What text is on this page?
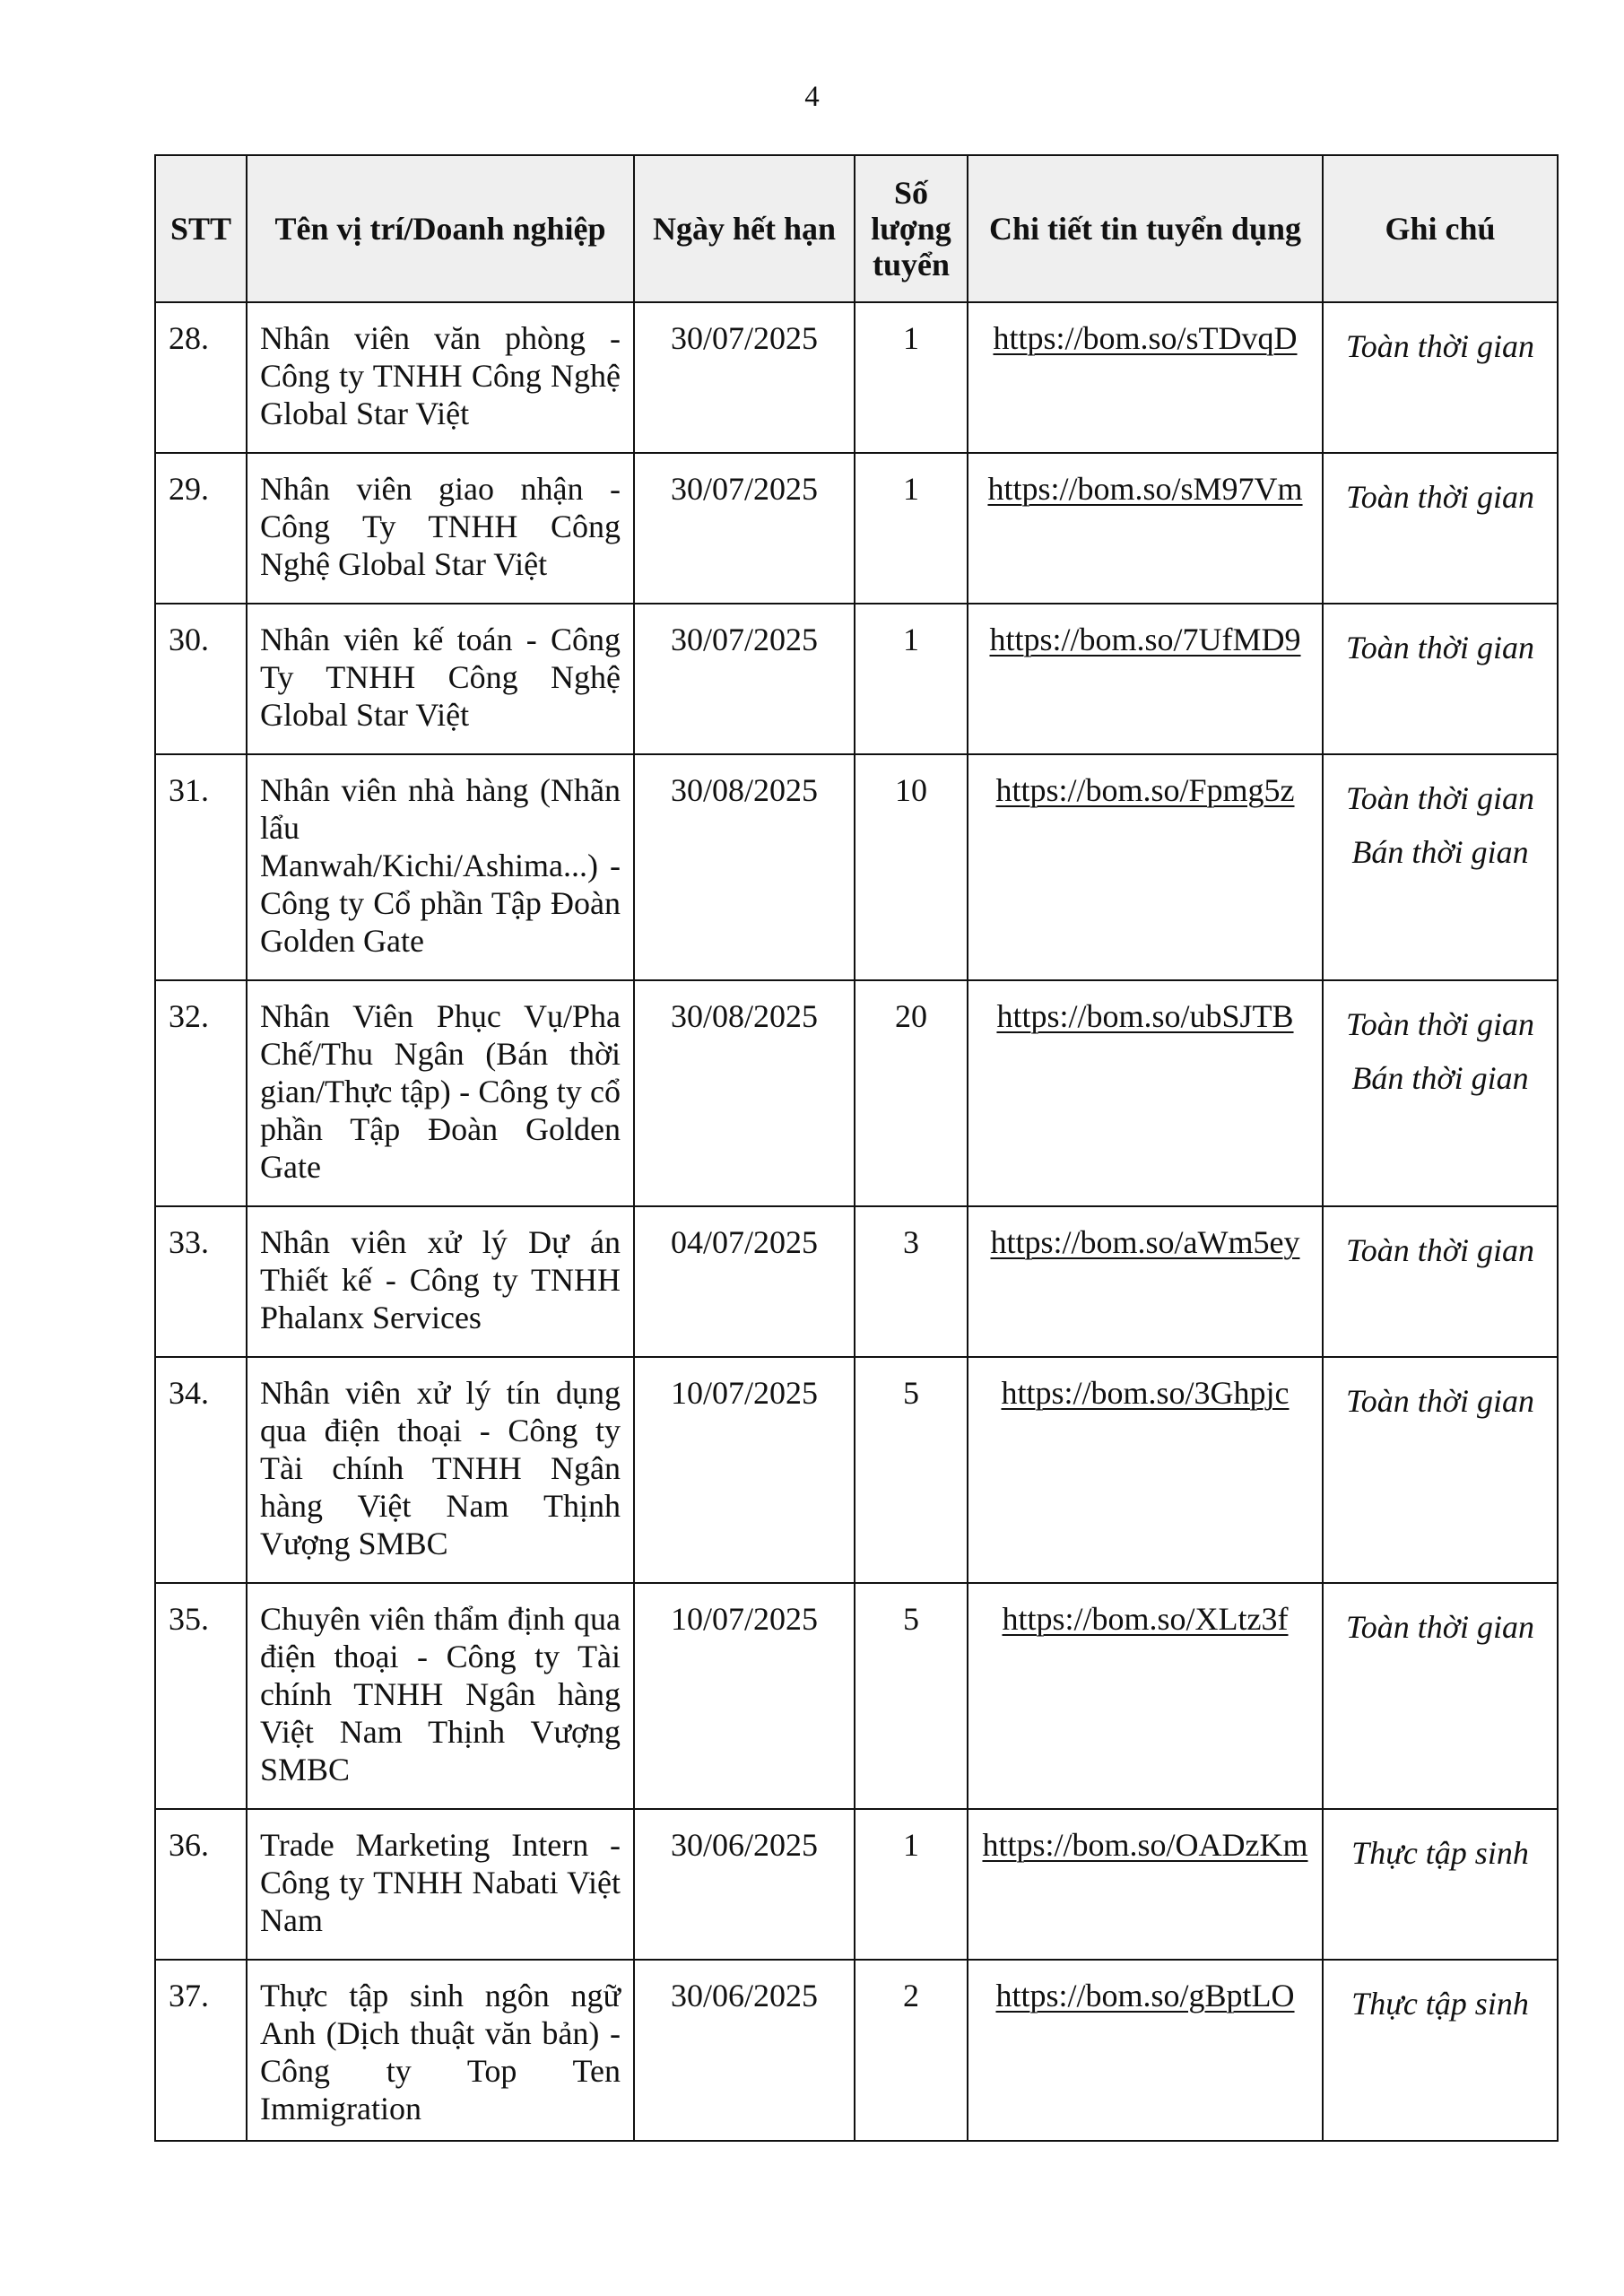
4
STT	Tên vị trí/Doanh nghiệp	Ngày hết hạn	Số
lượng
tuyển	Chi tiết tin tuyển dụng	Ghi chú
28.	Nhân viên văn phòng - Công ty TNHH Công Nghệ Global Star Việt	30/07/2025	1	https://bom.so/sTDvqD	Toàn thời gian

29.	Nhân viên giao nhận - Công Ty TNHH Công Nghệ Global Star Việt	30/07/2025	1	https://bom.so/sM97Vm	Toàn thời gian

30.	Nhân viên kế toán - Công Ty TNHH Công Nghệ Global Star Việt	30/07/2025	1	https://bom.so/7UfMD9	Toàn thời gian

31.	Nhân viên nhà hàng (Nhãn lẩu Manwah/Kichi/Ashima...) - Công ty Cổ phần Tập Đoàn Golden Gate	30/08/2025	10	https://bom.so/Fpmg5z	Toàn thời gian
Bán thời gian

32.	Nhân Viên Phục Vụ/Pha Chế/Thu Ngân (Bán thời gian/Thực tập) - Công ty cổ phần Tập Đoàn Golden Gate	30/08/2025	20	https://bom.so/ubSJTB	Toàn thời gian
Bán thời gian

33.	Nhân viên xử lý Dự án Thiết kế - Công ty TNHH Phalanx Services	04/07/2025	3	https://bom.so/aWm5ey	Toàn thời gian

34.	Nhân viên xử lý tín dụng qua điện thoại - Công ty Tài chính TNHH Ngân hàng Việt Nam Thịnh Vượng SMBC	10/07/2025	5	https://bom.so/3Ghpjc	Toàn thời gian

35.	Chuyên viên thẩm định qua điện thoại - Công ty Tài chính TNHH Ngân hàng Việt Nam Thịnh Vượng SMBC	10/07/2025	5	https://bom.so/XLtz3f	Toàn thời gian

36.	Trade Marketing Intern - Công ty TNHH Nabati Việt Nam	30/06/2025	1	https://bom.so/OADzKm	Thực tập sinh

37.	Thực tập sinh ngôn ngữ Anh (Dịch thuật văn bản) - Công ty Top Ten Immigration	30/06/2025	2	https://bom.so/gBptLO	Thực tập sinh
